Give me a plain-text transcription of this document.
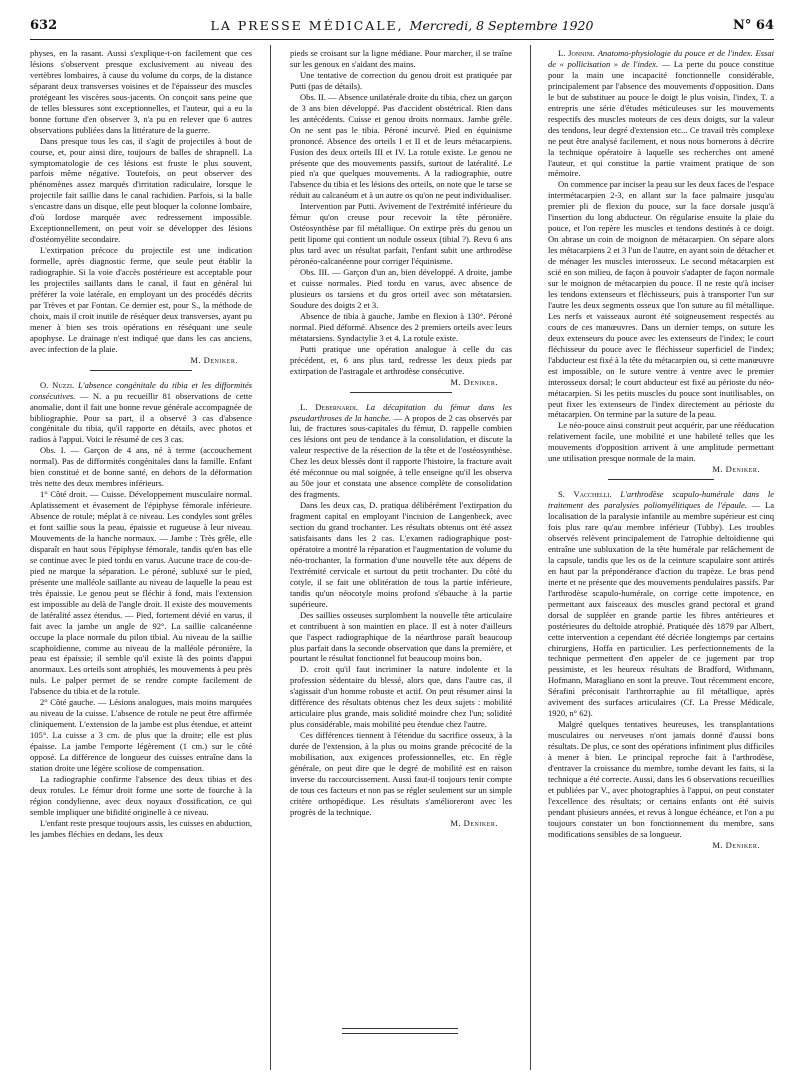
632	LA PRESSE MÉDICALE, Mercredi, 8 Septembre 1920	N° 64

physes, en la rasant. Aussi s'explique-t-on facilement que ces lésions s'observent presque exclusivement au niveau des vertèbres lombaires, à cause du volume du corps, de la distance séparant deux transverses voisines et de l'épaisseur des muscles protégeant les viscères sous-jacents. On conçoit sans peine que de telles blessures sont exceptionnelles, et l'auteur, qui a eu la bonne fortune d'en observer 3, n'a pu en relever que 6 autres observations publiées dans la littérature de la guerre.

Dans presque tous les cas, il s'agit de projectiles à bout de course, et, pour ainsi dire, toujours de balles de shrapnell. La symptomatologie de ces lésions est fruste le plus souvent, parfois même négative. Toutefois, on peut observer des phénomènes assez marqués d'irritation radiculaire, lorsque le projectile fait saillie dans le canal rachidien. Parfois, si la balle s'encastre dans un disque, elle peut bloquer la colonne lombaire, d'où lordose marquée avec redressement impossible. Exceptionnellement, on peut voir se développer des lésions d'ostéomyélite secondaire.

L'extirpation précoce du projectile est une indication formelle, après diagnostic ferme, que seule peut établir la radiographie. Si la voie d'accès postérieure est acceptable pour les projectiles saillants dans le canal, il faut en général lui préférer la voie latérale, en employant un des procédés décrits par Trèves et par Fontan. Ce dernier est, pour S., la méthode de choix, mais il croit inutile de réséquer deux transverses, ayant pu mener à bien ses trois opérations en réséquant une seule apophyse. Le drainage n'est indiqué que dans les cas anciens, avec infection de la plaie.

M. Deniker.

O. Nuzzi. L'absence congénitale du tibia et les difformités consécutives. — N. a pu recueillir 81 observations de cette anomalie, dont il fait une bonne revue générale accompagnée de bibliographie. Pour sa part, il a observé 3 cas d'absence congénitale du tibia, qu'il rapporte en détails, avec photos et radios à l'appui. Voici le résumé de ces 3 cas.

Obs. I. — Garçon de 4 ans, né à terme (accouchement normal). Pas de difformités congénitales dans la famille. Enfant bien constitué et de bonne santé, en dehors de la déformation très nette des deux membres inférieurs.

1° Côté droit. — Cuisse. Développement musculaire normal. Aplatissement et évasement de l'épiphyse fémorale inférieure. Absence de rotule; méplat à ce niveau. Les condyles sont grêles et font saillie sous la peau, épaissie et rugueuse à leur niveau. Mouvements de la hanche normaux. — Jambe : Très grêle, elle disparaît en haut sous l'épiphyse fémorale, tandis qu'en bas elle se continue avec le pied tordu en varus. Aucune trace de cou-de-pied ne marque la séparation. Le péroné, subluxé sur le pied, présente une malléole saillante au niveau de laquelle la peau est très épaissie. Le genou peut se fléchir à fond, mais l'extension est impossible au delà de l'angle droit. Il existe des mouvements de latéralité assez étendus. — Pied, fortement dévié en varus, il fait avec la jambe un angle de 92°. La saillie calcanéenne occupe la place normale du pilon tibial. Au niveau de la saillie scaphoïdienne, comme au niveau de la malléole péronière, la peau est épaissie; il semble qu'il existe là des points d'appui anormaux. Les orteils sont atrophiés, les mouvements à peu près nuls. Le palper permet de se rendre compte facilement de l'absence du tibia et de la rotule.

2° Côté gauche. — Lésions analogues, mais moins marquées au niveau de la cuisse. L'absence de rotule ne peut être affirmée cliniquement. L'extension de la jambe est plus étendue, et atteint 105°. La cuisse a 3 cm. de plus que la droite; elle est plus épaisse. La jambe l'emporte légèrement (1 cm.) sur le côté opposé. La différence de longueur des cuisses entraîne dans la station droite une légère scoliose de compensation.

La radiographie confirme l'absence des deux tibias et des deux rotules. Le fémur droit forme une sorte de fourche à la région condylienne, avec deux noyaux d'ossification, ce qui semble impliquer une bifidité originelle à ce niveau.

L'enfant reste presque toujours assis, les cuisses en abduction, les jambes fléchies en dedans, les deux

pieds se croisant sur la ligne médiane. Pour marcher, il se traîne sur les genoux en s'aidant des mains.

Une tentative de correction du genou droit est pratiquée par Putti (pas de détails).

Obs. II. — Absence unilatérale droite du tibia, chez un garçon de 3 ans bien développé. Pas d'accident obstétrical. Rien dans les antécédents. Cuisse et genou droits normaux. Jambe grêle. On ne sent pas le tibia. Péroné incurvé. Pied en équinisme prononcé. Absence des orteils I et II et de leurs métacarpiens. Fusion des deux orteils III et IV. La rotule existe. Le genou ne présente que des mouvements passifs, surtout de latéralité. Le pied n'a que quelques mouvements. A la radiographie, outre l'absence du tibia et les lésions des orteils, on note que le tarse se réduit au calcanéum et à un autre os qu'on ne peut individualiser.

Intervention par Putti. Avivement de l'extrémité inférieure du fémur qu'on creuse pour recevoir la tête péronière. Ostéosynthèse par fil métallique. On extirpe près du genou un petit lipome qui contient un nodule osseux (tibial ?). Revu 6 ans plus tard avec un résultat parfait, l'enfant subit une arthrodèse péronéo-calcanéenne pour corriger l'équinisme.

Obs. III. — Garçon d'un an, bien développé. A droite, jambe et cuisse normales. Pied tordu en varus, avec absence de plusieurs os tarsiens et du gros orteil avec son métatarsien. Soudure des doigts 2 et 3.

Absence de tibia à gauche. Jambe en flexion à 130°. Péroné normal. Pied déformé. Absence des 2 premiers orteils avec leurs métatarsiens. Syndactylie 3 et 4. La rotule existe.

Putti pratique une opération analogue à celle du cas précédent, et, 6 ans plus tard, redresse les deux pieds par extirpation de l'astragale et arthrodèse consécutive.

M. Deniker.

L. Debernardi. La décapitation du fémur dans les pseudarthroses de la hanche. — A propos de 2 cas observés par lui, de fractures sous-capitales du fémur, D. rappelle combien ces lésions ont peu de tendance à la consolidation, et discute la valeur respective de la résection de la tête et de l'ostéosynthèse. Chez les deux blessés dont il rapporte l'histoire, la fracture avait été méconnue ou mal soignée, à telle enseigne qu'il les observa au 50e jour et constata une absence complète de consolidation des fragments.

Dans les deux cas, D. pratiqua délibérément l'extirpation du fragment capital en employant l'incision de Langenbeck, avec section du grand trochanter. Les résultats obtenus ont été assez satisfaisants dans les 2 cas. L'examen radiographique post-opératoire a montré la réparation et l'augmentation de volume du néo-trochanter, la formation d'une nouvelle tête aux dépens de l'extrémité cervicale et surtout du petit trochanter. Du côté du cotyle, il se fait une oblitération de tous la partie inférieure, tandis qu'un néocotyle moins profond s'ébauche à la partie supérieure.

Des saillies osseuses surplombent la nouvelle tête articulaire et contribuent à son maintien en place. Il est à noter d'ailleurs que l'aspect radiographique de la néarthrose paraît beaucoup plus parfait dans la seconde observation que dans la première, et pourtant le résultat fonctionnel fut beaucoup moins bon.

D. croit qu'il faut incriminer la nature indolente et la profession sédentaire du blessé, alors que, dans l'autre cas, il s'agissait d'un homme robuste et actif. On peut résumer ainsi la différence des résultats obtenus chez les deux sujets : mobilité articulaire plus grande, mais solidité moindre chez l'un; solidité plus considérable, mais mobilité peu étendue chez l'autre.

Ces différences tiennent à l'étendue du sacrifice osseux, à la durée de l'extension, à la plus ou moins grande précocité de la mobilisation, aux exigences professionnelles, etc. En règle générale, on peut dire que le degré de mobilité est en raison inverse du raccourcissement. Aussi faut-il toujours tenir compte de tous ces facteurs et non pas se régler seulement sur un simple critère orthopédique. Les résultats s'amélioreront avec les progrès de la technique.

M. Deniker.

L. Jonnini. Anatomo-physiologie du pouce et de l'index. Essai de « pollicisation » de l'index. — La perte du pouce constitue pour la main une incapacité fonctionnelle considérable, principalement par l'absence des mouvements d'opposition. Dans le but de substituer au pouce le doigt le plus voisin, l'index, T. a entrepris une série d'études méticuleuses sur les mouvements respectifs des muscles moteurs de ces deux doigts, sur la valeur des tendons, leur degré d'extension etc... Ce travail très complexe ne peut être analysé facilement, et nous nous bornerons à décrire la technique opératoire à laquelle ses recherches ont amené l'auteur, et qui constitue la partie vraiment pratique de son mémoire.

On commence par inciser la peau sur les deux faces de l'espace intermétacarpien 2-3, en allant sur la face palmaire jusqu'au premier pli de flexion du pouce, sur la face dorsale jusqu'à l'insertion du long abducteur. On régularise ensuite la plaie du pouce, et l'on repère les muscles et tendons destinés à ce doigt. On abrase un coin de moignon de métacarpien. On sépare alors les métacarpiens 2 et 3 l'un de l'autre, en ayant soin de détacher et de ménager les muscles interosseux. Le second métacarpien est scié en son milieu, de façon à pouvoir s'adapter de façon normale sur le moignon de métacarpien du pouce. Il ne reste qu'à inciser les tendons extenseurs et fléchisseurs, puis à transporter l'un sur l'autre les deux segments osseux que l'on suture au fil métallique. Les nerfs et vaisseaux auront été soigneusement respectés au cours de ces manœuvres. Dans un dernier temps, on suture les deux extenseurs du pouce avec les extenseurs de l'index; le court fléchisseur du pouce avec le fléchisseur superficiel de l'index; l'abducteur est fixé à la tête du métacarpien ou, si cette manœuvre est impossible, on le suture ventre à ventre avec le premier interosseux dorsal; le court abducteur est fixé au périoste du néo-métacarpien. Si les petits muscles du pouce sont inutilisables, on peut fixer les extenseurs de l'index directement au périoste du métacarpien. On termine par la suture de la peau.

Le néo-pouce ainsi construit peut acquérir, par une rééducation relativement facile, une mobilité et une habileté telles que les mouvements d'opposition arrivent à une amplitude permettant une utilisation presque normale de la main.

M. Deniker.

S. Vacchelli. L'arthrodèse scapulo-humérale dans le traitement des paralysies poliomyélitiques de l'épaule. — La localisation de la paralysie infantile au membre supérieur est cinq fois plus rare qu'au membre inférieur (Tubby). Les troubles observés relèvent principalement de l'atrophie deltoïdienne qui entraîne une subluxation de la tête humérale par relâchement de la capsule, tandis que les os de la ceinture scapulaire sont attirés en haut par la prépondérance d'action du trapèze. Le bras pend inerte et ne présente que des mouvements pendulaires passifs. Par l'arthrodèse scapulo-humérale, on corrige cette impotence, en permettant aux faisceaux des muscles grand pectoral et grand dorsal de suppléer en grande partie les fibres antérieures et postérieures du deltoïde atrophié. Pratiquée dès 1879 par Albert, cette intervention a cependant été décriée longtemps par certains chirurgiens, Hoffa en particulier. Les perfectionnements de la technique permettent d'en appeler de ce jugement par trop pessimiste, et les heureux résultats de Bradford, Withmann, Hofmann, Maragliano en sont la preuve. Tout récemment encore, Sérafini préconisait l'arthrorraphie au fil métallique, après avivement des surfaces articulaires (Cf. La Presse Médicale, 1920, n° 62).

Malgré quelques tentatives heureuses, les transplantations musculaires ou nerveuses n'ont jamais donné d'aussi bons résultats. De plus, ce sont des opérations infiniment plus difficiles à mener à bien. Le principal reproche fait à l'arthrodèse, d'entraver la croissance du membre, tombe devant les faits, si la technique a été correcte. Aussi, dans les 6 observations recueillies et publiées par V., avec photographies à l'appui, on peut constater l'excellence des résultats; or certains enfants ont été suivis pendant plusieurs années, et revus à longue échéance, et l'on a pu toujours constater un bon fonctionnement du membre, sans modifications sensibles de sa longueur.

M. Deniker.
